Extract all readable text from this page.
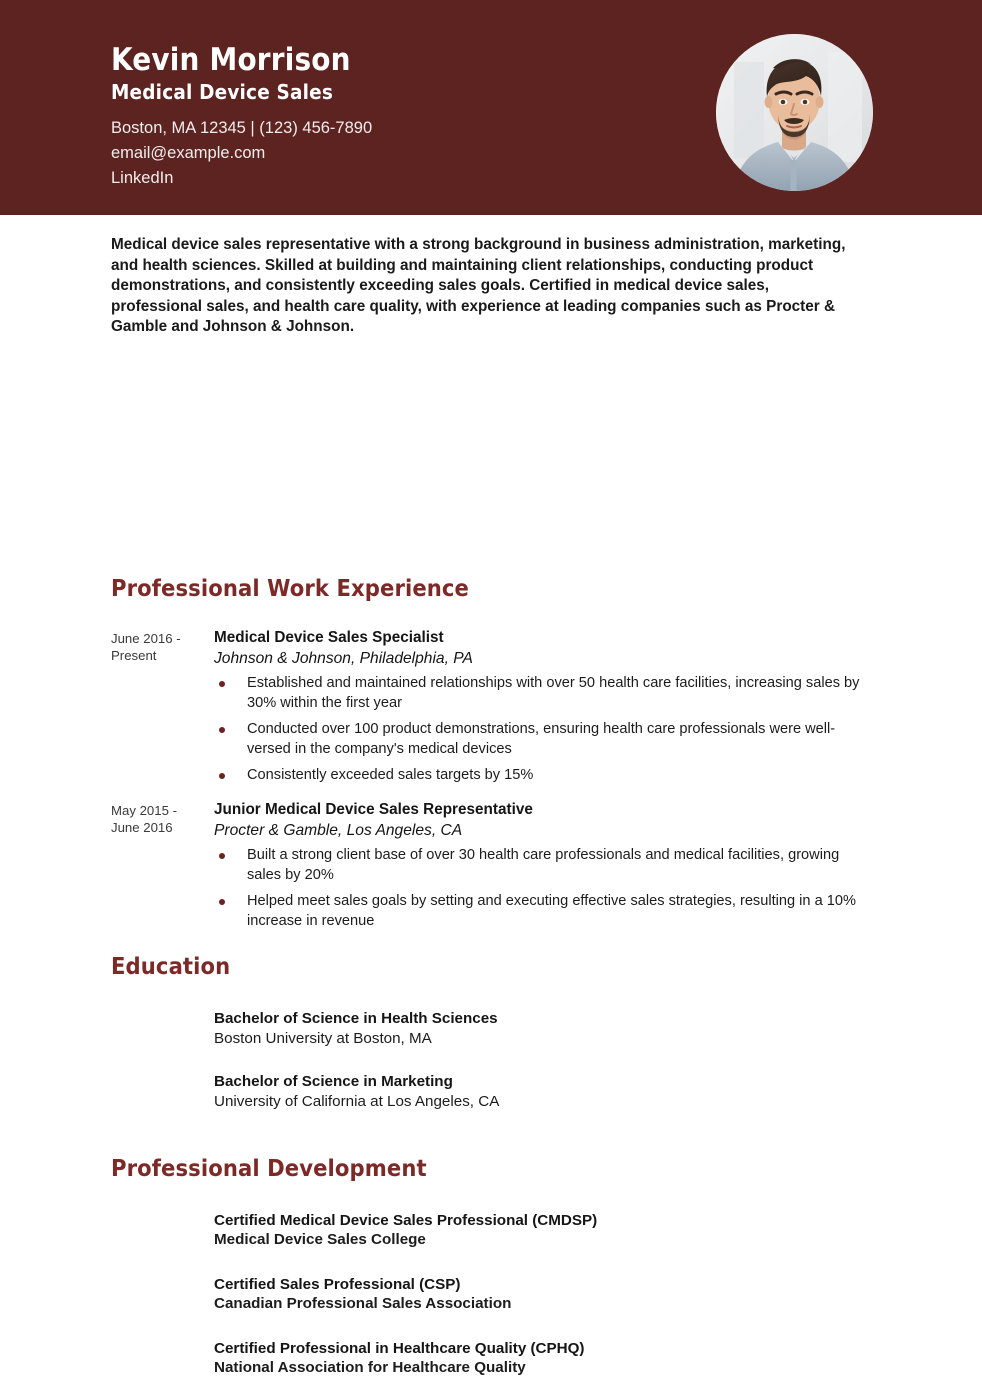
Kevin Morrison
Medical Device Sales
Boston, MA 12345 | (123) 456-7890
email@example.com
LinkedIn
Medical device sales representative with a strong background in business administration, marketing, and health sciences. Skilled at building and maintaining client relationships, conducting product demonstrations, and consistently exceeding sales goals. Certified in medical device sales, professional sales, and health care quality, with experience at leading companies such as Procter & Gamble and Johnson & Johnson.
Professional Work Experience
June 2016 - Present
Medical Device Sales Specialist
Johnson & Johnson, Philadelphia, PA
Established and maintained relationships with over 50 health care facilities, increasing sales by 30% within the first year
Conducted over 100 product demonstrations, ensuring health care professionals were well-versed in the company's medical devices
Consistently exceeded sales targets by 15%
May 2015 - June 2016
Junior Medical Device Sales Representative
Procter & Gamble, Los Angeles, CA
Built a strong client base of over 30 health care professionals and medical facilities, growing sales by 20%
Helped meet sales goals by setting and executing effective sales strategies, resulting in a 10% increase in revenue
Education
Bachelor of Science in Health Sciences
Boston University at Boston, MA
Bachelor of Science in Marketing
University of California at Los Angeles, CA
Professional Development
Certified Medical Device Sales Professional (CMDSP)
Medical Device Sales College
Certified Sales Professional (CSP)
Canadian Professional Sales Association
Certified Professional in Healthcare Quality (CPHQ)
National Association for Healthcare Quality
